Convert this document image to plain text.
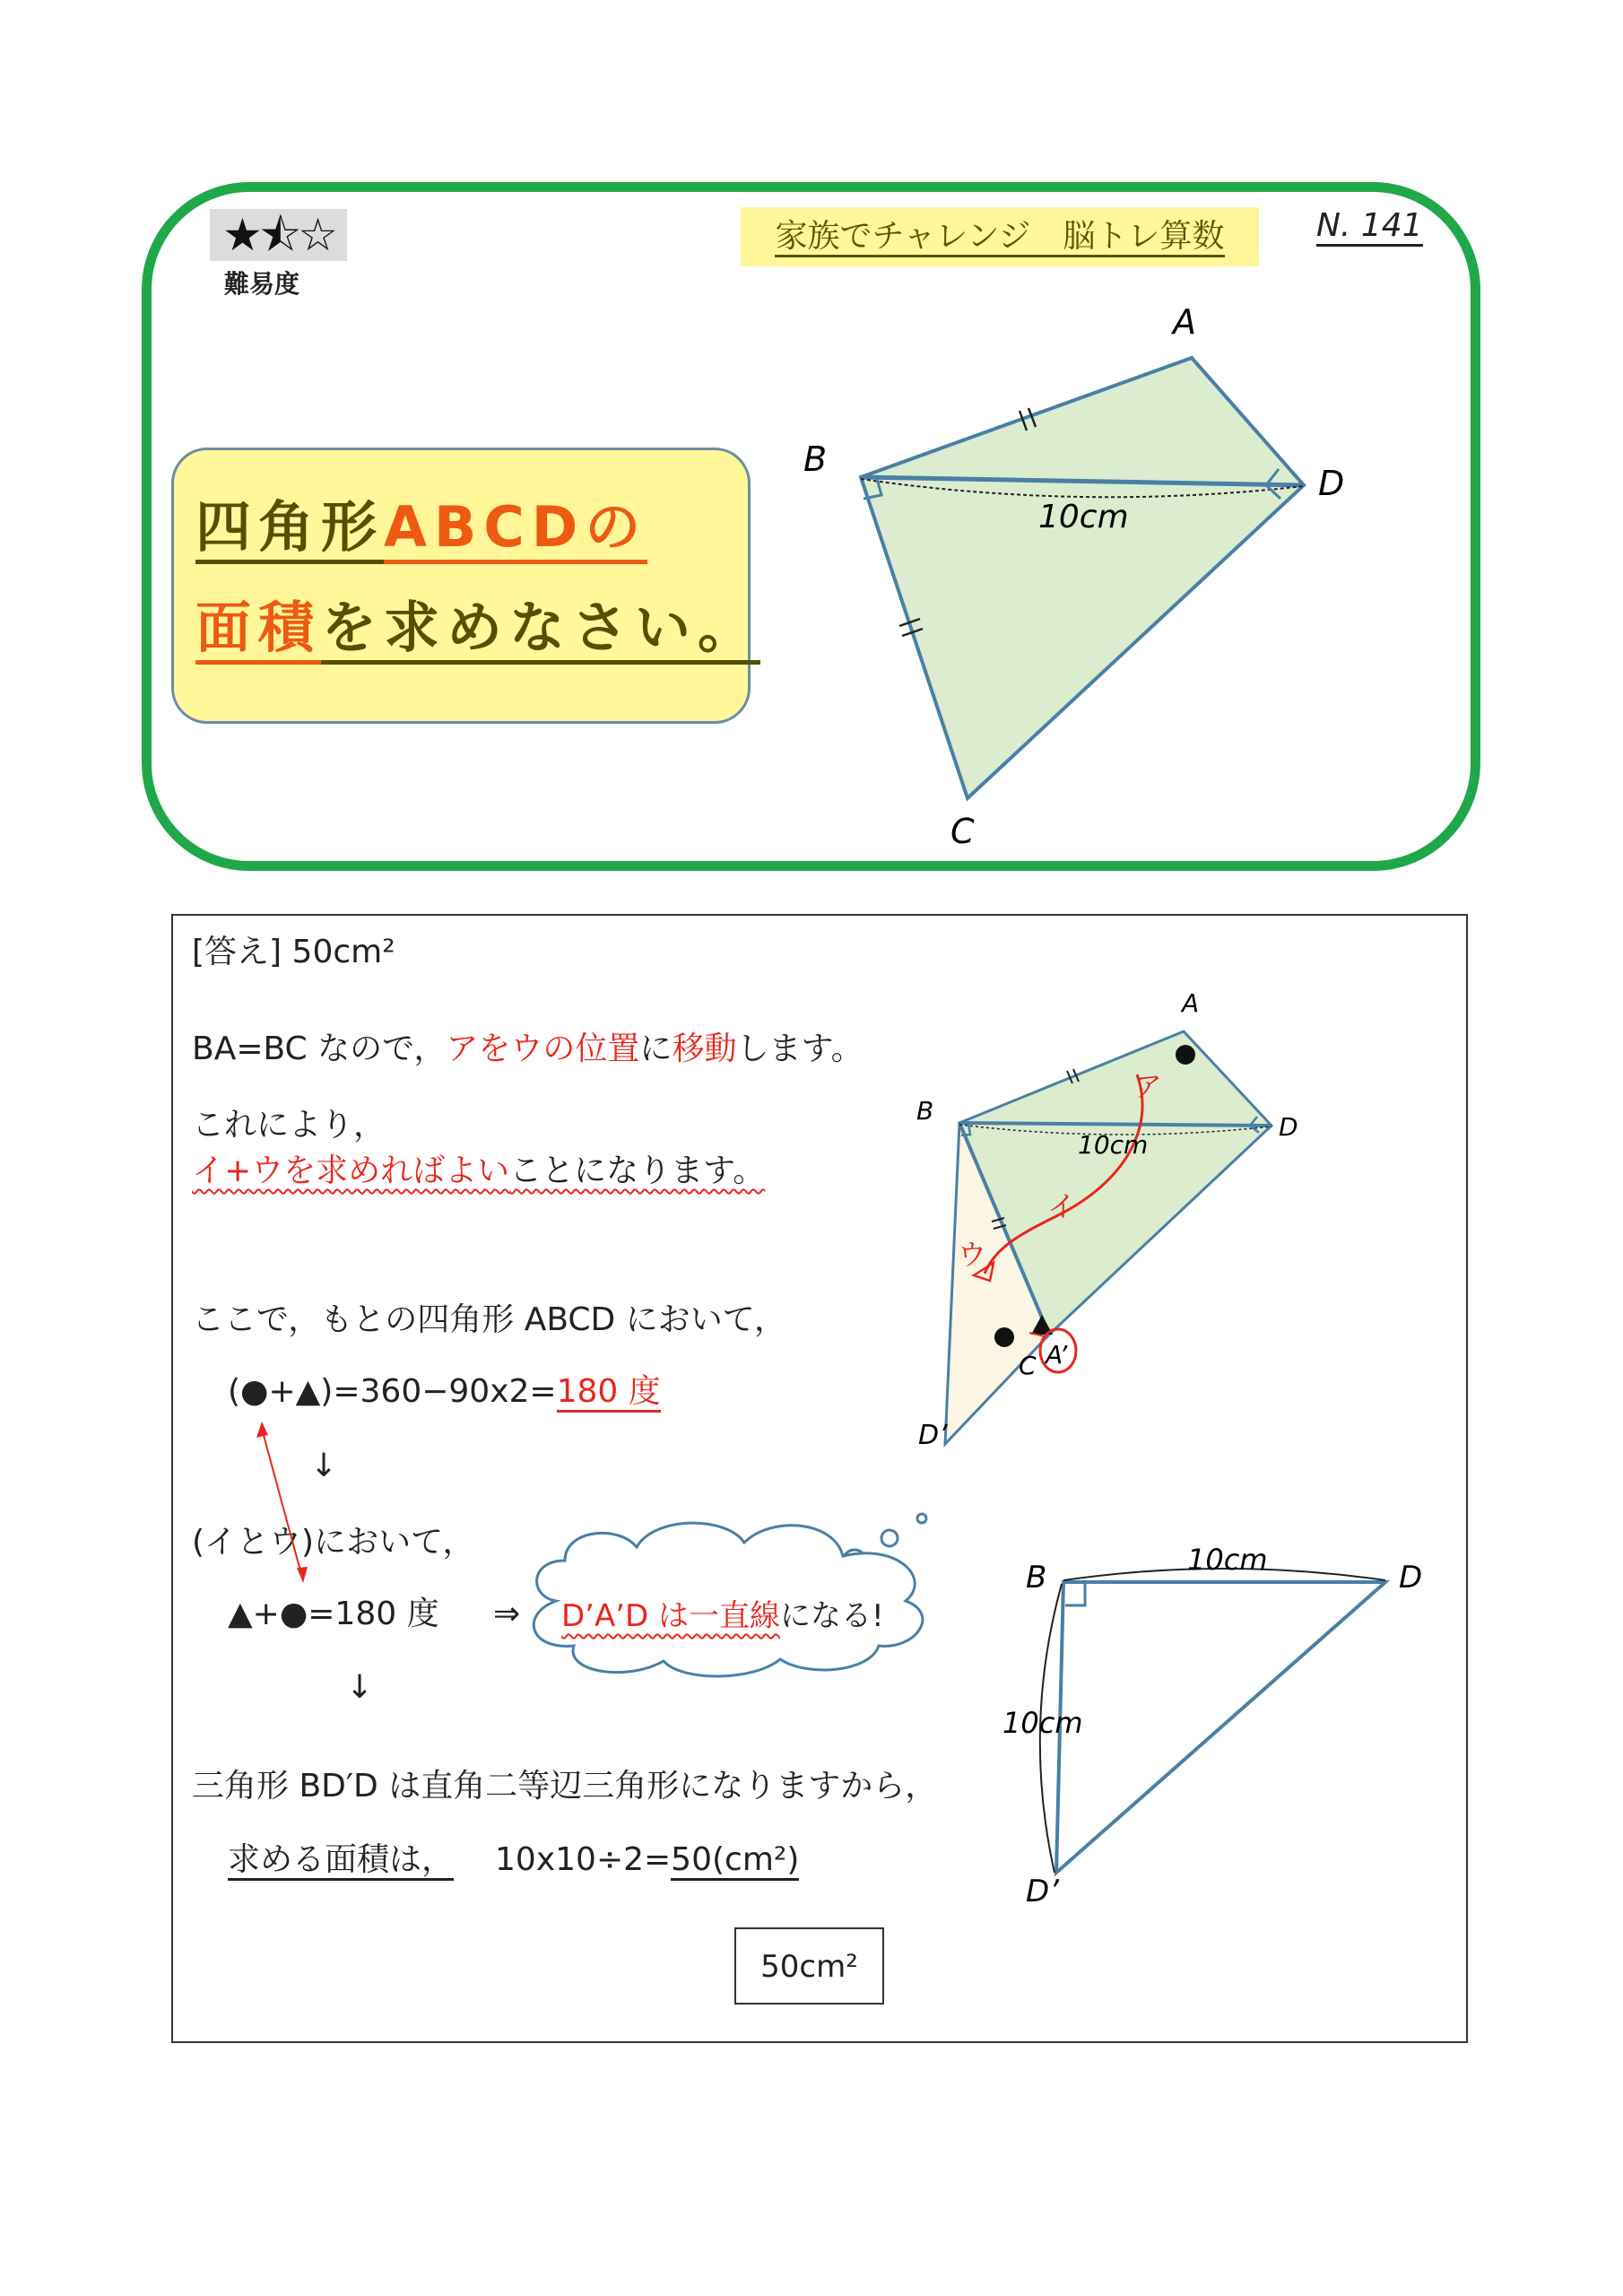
★⯪☆
難易度
家族でチャレンジ　脳トレ算数	N. 141
四角形ABCDの
面積を求めなさい。
A
B
D
C
10cm
[答え] 50cm²
BA=BC なので，アをウの位置に移動します。
これにより，
イ+ウを求めればよいことになります。
ここで，もとの四角形 ABCD において，
(●+▲)=360−90x2=180 度
↓
(イとウ)において，
▲+●=180 度 ⇒ D’A’D は一直線になる!
↓
三角形 BD′D は直角二等辺三角形になりますから，
求める面積は， 10x10÷2=50(cm²)
50cm²
ア
イ
ウ
A
B
D
C A’
D’
10cm
B	D
D’
10cm
10cm
